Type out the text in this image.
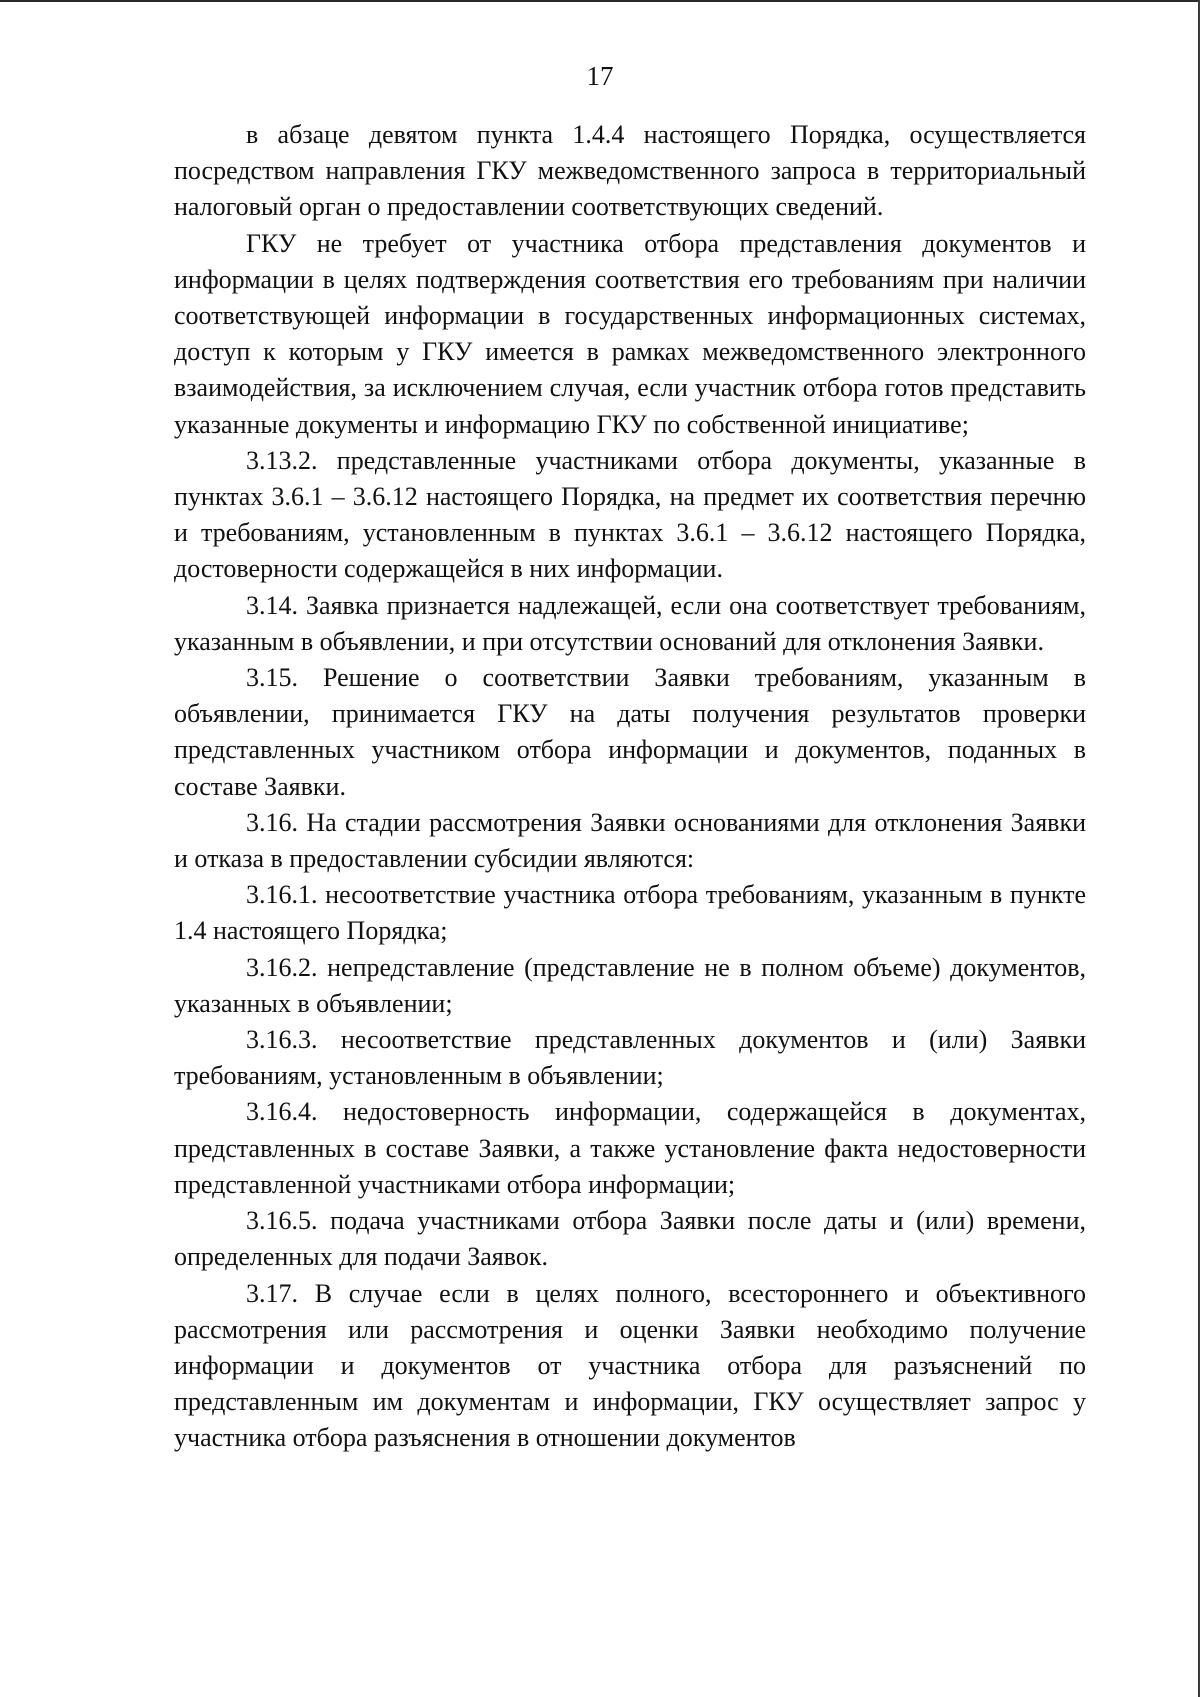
17

в абзаце девятом пункта 1.4.4 настоящего Порядка, осуществляется посредством направления ГКУ межведомственного запроса в территориальный налоговый орган о предоставлении соответствующих сведений.

ГКУ не требует от участника отбора представления документов и информации в целях подтверждения соответствия его требованиям при наличии соответствующей информации в государственных информационных системах, доступ к которым у ГКУ имеется в рамках межведомственного электронного взаимодействия, за исключением случая, если участник отбора готов представить указанные документы и информацию ГКУ по собственной инициативе;

3.13.2. представленные участниками отбора документы, указанные в пунктах 3.6.1 – 3.6.12 настоящего Порядка, на предмет их соответствия перечню и требованиям, установленным в пунктах 3.6.1 – 3.6.12 настоящего Порядка, достоверности содержащейся в них информации.

3.14. Заявка признается надлежащей, если она соответствует требованиям, указанным в объявлении, и при отсутствии оснований для отклонения Заявки.

3.15. Решение о соответствии Заявки требованиям, указанным в объявлении, принимается ГКУ на даты получения результатов проверки представленных участником отбора информации и документов, поданных в составе Заявки.

3.16. На стадии рассмотрения Заявки основаниями для отклонения Заявки и отказа в предоставлении субсидии являются:

3.16.1. несоответствие участника отбора требованиям, указанным в пункте 1.4 настоящего Порядка;

3.16.2. непредставление (представление не в полном объеме) документов, указанных в объявлении;

3.16.3. несоответствие представленных документов и (или) Заявки требованиям, установленным в объявлении;

3.16.4. недостоверность информации, содержащейся в документах, представленных в составе Заявки, а также установление факта недостоверности представленной участниками отбора информации;

3.16.5. подача участниками отбора Заявки после даты и (или) времени, определенных для подачи Заявок.

3.17. В случае если в целях полного, всестороннего и объективного рассмотрения или рассмотрения и оценки Заявки необходимо получение информации и документов от участника отбора для разъяснений по представленным им документам и информации, ГКУ осуществляет запрос у участника отбора разъяснения в отношении документов
